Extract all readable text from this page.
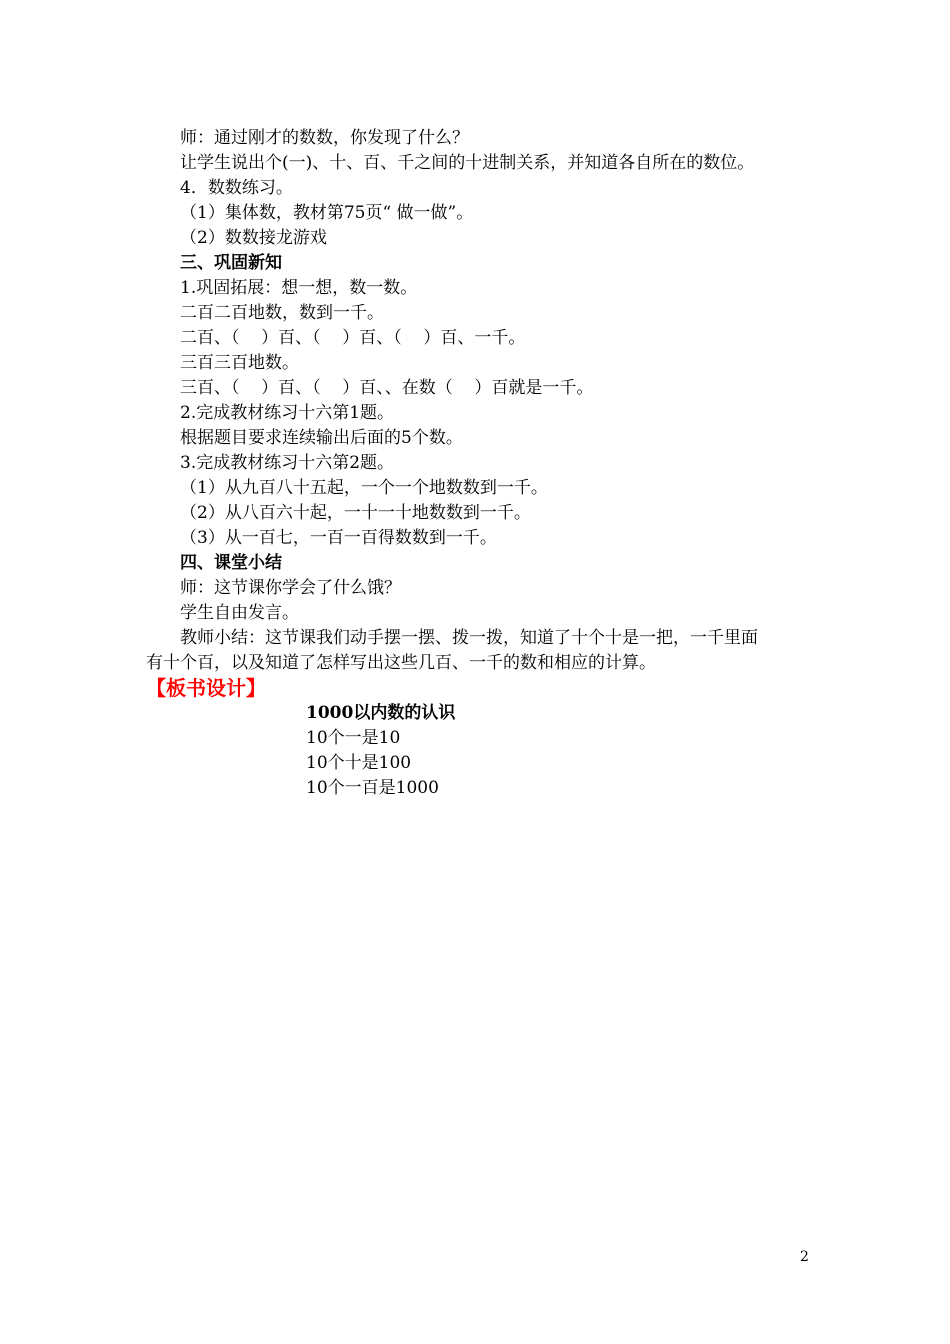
师：通过刚才的数数，你发现了什么？
让学生说出个(一)、十、百、千之间的十进制关系，并知道各自所在的数位。
4．数数练习。
（1）集体数，教材第75页“ 做一做”。
（2）数数接龙游戏
三、巩固新知
1.巩固拓展：想一想，数一数。
二百二百地数，数到一千。
二百、（    ）百、（    ）百、（    ）百、一千。
三百三百地数。
三百、（    ）百、（    ）百、、在数（    ）百就是一千。
2.完成教材练习十六第1题。
根据题目要求连续输出后面的5个数。
3.完成教材练习十六第2题。
（1）从九百八十五起，一个一个地数数到一千。
（2）从八百六十起，一十一十地数数到一千。
（3）从一百七，一百一百得数数到一千。
四、课堂小结
师：这节课你学会了什么饿？
学生自由发言。
教师小结：这节课我们动手摆一摆、拨一拨，知道了十个十是一把，一千里面
有十个百，以及知道了怎样写出这些几百、一千的数和相应的计算。
【板书设计】
1000以内数的认识
10个一是10
10个十是100
10个一百是1000
2
